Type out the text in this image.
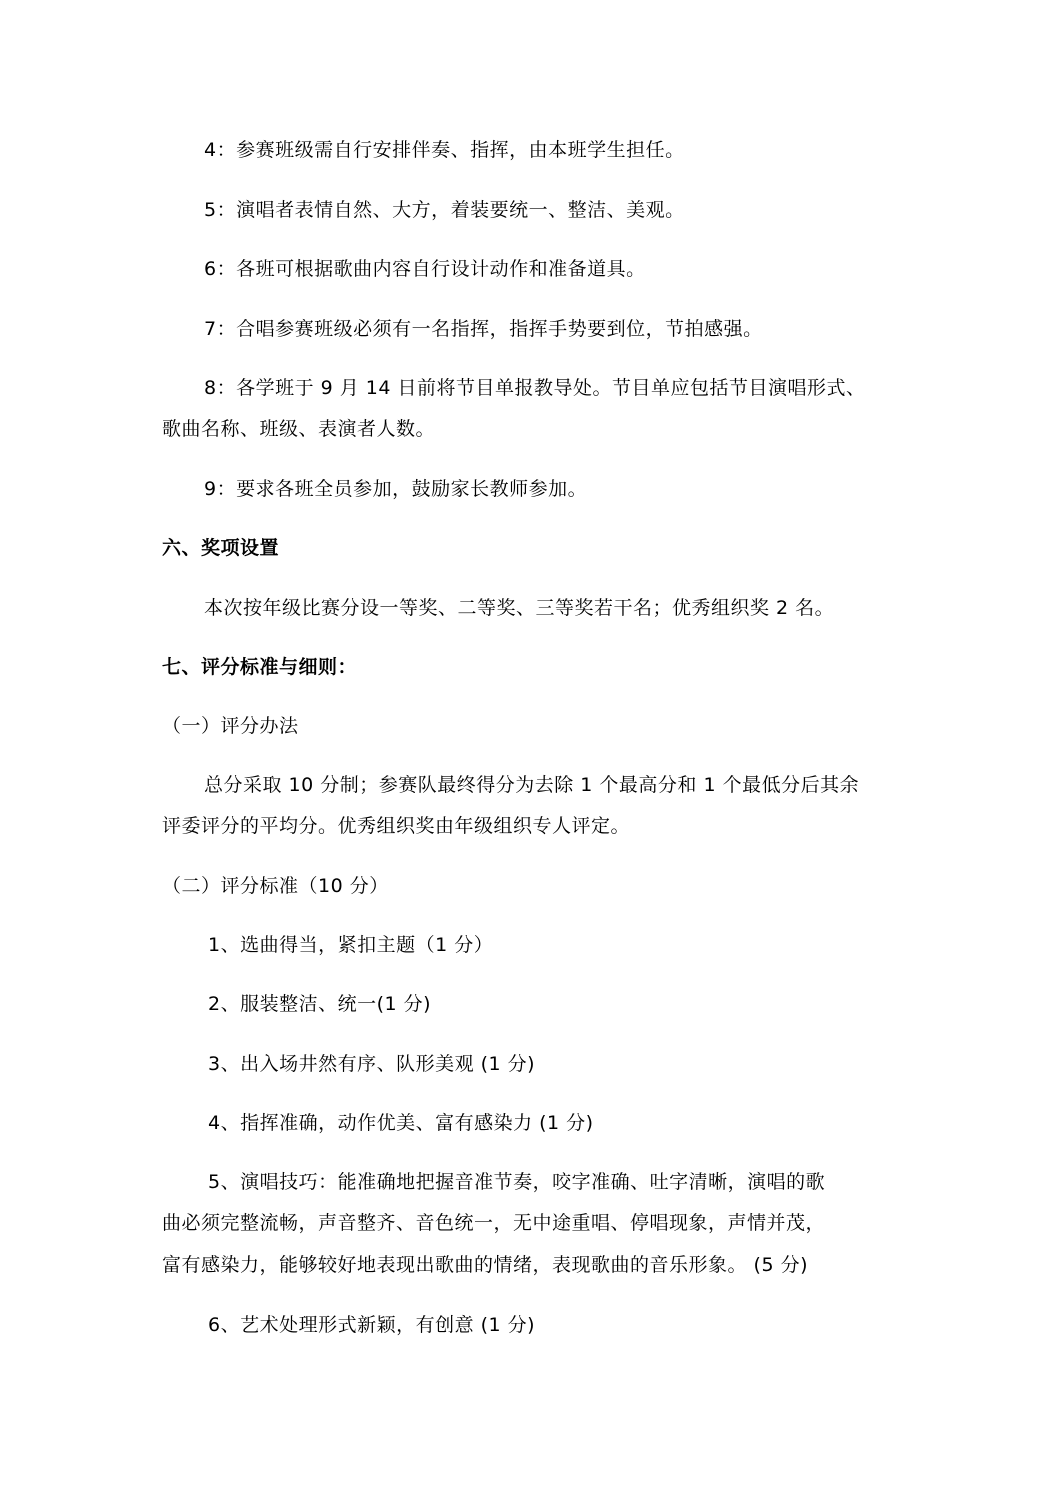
4：参赛班级需自行安排伴奏、指挥，由本班学生担任。
5：演唱者表情自然、大方，着装要统一、整洁、美观。
6：各班可根据歌曲内容自行设计动作和准备道具。
7：合唱参赛班级必须有一名指挥，指挥手势要到位，节拍感强。
8：各学班于 9 月 14 日前将节目单报教导处。节目单应包括节目演唱形式、
歌曲名称、班级、表演者人数。
9：要求各班全员参加，鼓励家长教师参加。
六、奖项设置
本次按年级比赛分设一等奖、二等奖、三等奖若干名；优秀组织奖 2 名。
七、评分标准与细则：
（一）评分办法
总分采取 10 分制；参赛队最终得分为去除 1 个最高分和 1 个最低分后其余
评委评分的平均分。优秀组织奖由年级组织专人评定。
（二）评分标准（10 分）
1、选曲得当，紧扣主题（1 分）
2、服装整洁、统一(1 分)
3、出入场井然有序、队形美观 (1 分)
4、指挥准确，动作优美、富有感染力 (1 分)
5、演唱技巧：能准确地把握音准节奏，咬字准确、吐字清晰，演唱的歌
曲必须完整流畅，声音整齐、音色统一，无中途重唱、停唱现象，声情并茂，
富有感染力，能够较好地表现出歌曲的情绪，表现歌曲的音乐形象。 (5 分)
6、艺术处理形式新颖，有创意 (1 分)
